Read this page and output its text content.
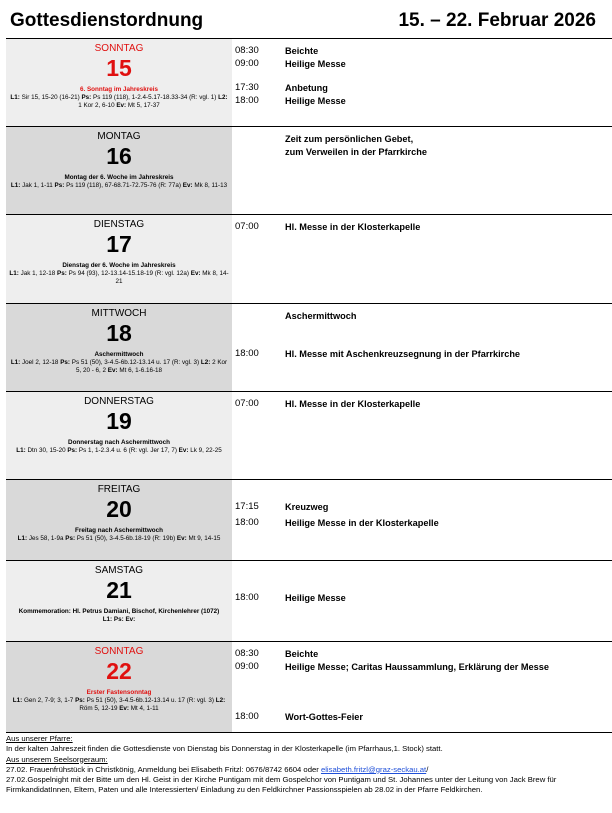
Gottesdienstordnung	15. – 22. Februar 2026
SONNTAG
15
6. Sonntag im Jahreskreis
L1: Sir 15, 15-20 (16-21) Ps: Ps 119 (118), 1-2.4-5.17-18.33-34 (R: vgl. 1) L2: 1 Kor 2, 6-10 Ev: Mt 5, 17-37
08:30	Beichte
09:00	Heilige Messe
17:30	Anbetung
18:00	Heilige Messe
MONTAG
16
Montag der 6. Woche im Jahreskreis
L1: Jak 1, 1-11 Ps: Ps 119 (118), 67-68.71-72.75-76 (R: 77a) Ev: Mk 8, 11-13
Zeit zum persönlichen Gebet,
zum Verweilen in der Pfarrkirche
DIENSTAG
17
Dienstag der 6. Woche im Jahreskreis
L1: Jak 1, 12-18 Ps: Ps 94 (93), 12-13.14-15.18-19 (R: vgl. 12a) Ev: Mk 8, 14-21
07:00	Hl. Messe in der Klosterkapelle
MITTWOCH
18
Aschermittwoch
L1: Joel 2, 12-18 Ps: Ps 51 (50), 3-4.5-6b.12-13.14 u. 17 (R: vgl. 3) L2: 2 Kor 5, 20 - 6, 2 Ev: Mt 6, 1-6.16-18
Aschermittwoch
18:00	Hl. Messe mit Aschenkreuzsegnung in der Pfarrkirche
DONNERSTAG
19
Donnerstag nach Aschermittwoch
L1: Dtn 30, 15-20 Ps: Ps 1, 1-2.3.4 u. 6 (R: vgl. Jer 17, 7) Ev: Lk 9, 22-25
07:00	Hl. Messe in der Klosterkapelle
FREITAG
20
Freitag nach Aschermittwoch
L1: Jes 58, 1-9a Ps: Ps 51 (50), 3-4.5-6b.18-19 (R: 19b) Ev: Mt 9, 14-15
17:15	Kreuzweg
18:00	Heilige Messe in der Klosterkapelle
SAMSTAG
21
Kommemoration: Hl. Petrus Damiani, Bischof, Kirchenlehrer (1072)
L1: Ps: Ev:
18:00	Heilige Messe
SONNTAG
22
Erster Fastensonntag
L1: Gen 2, 7-9; 3, 1-7 Ps: Ps 51 (50), 3-4.5-6b.12-13.14 u. 17 (R: vgl. 3) L2: Röm 5, 12-19 Ev: Mt 4, 1-11
08:30	Beichte
09:00	Heilige Messe; Caritas Haussammlung, Erklärung der Messe
18:00	Wort-Gottes-Feier
Aus unserer Pfarre:
In der kalten Jahreszeit finden die Gottesdienste von Dienstag bis Donnerstag in der Klosterkapelle (im Pfarrhaus,1. Stock) statt.
Aus unserem Seelsorgeraum:
27.02. Frauenfrühstück in Christkönig, Anmeldung bei Elisabeth Fritzl: 0676/8742 6604 oder elisabeth.fritzl@graz-seckau.at/
27.02.Gospelnight mit der Bitte um den Hl. Geist in der Kirche Puntigam mit dem Gospelchor von Puntigam und St. Johannes unter der Leitung von Jack Brew für FirmkandidatInnen, Eltern, Paten und alle Interessierten/ Einladung zu den Feldkirchner Passionsspielen ab 28.02 in der Pfarre Feldkirchen.
